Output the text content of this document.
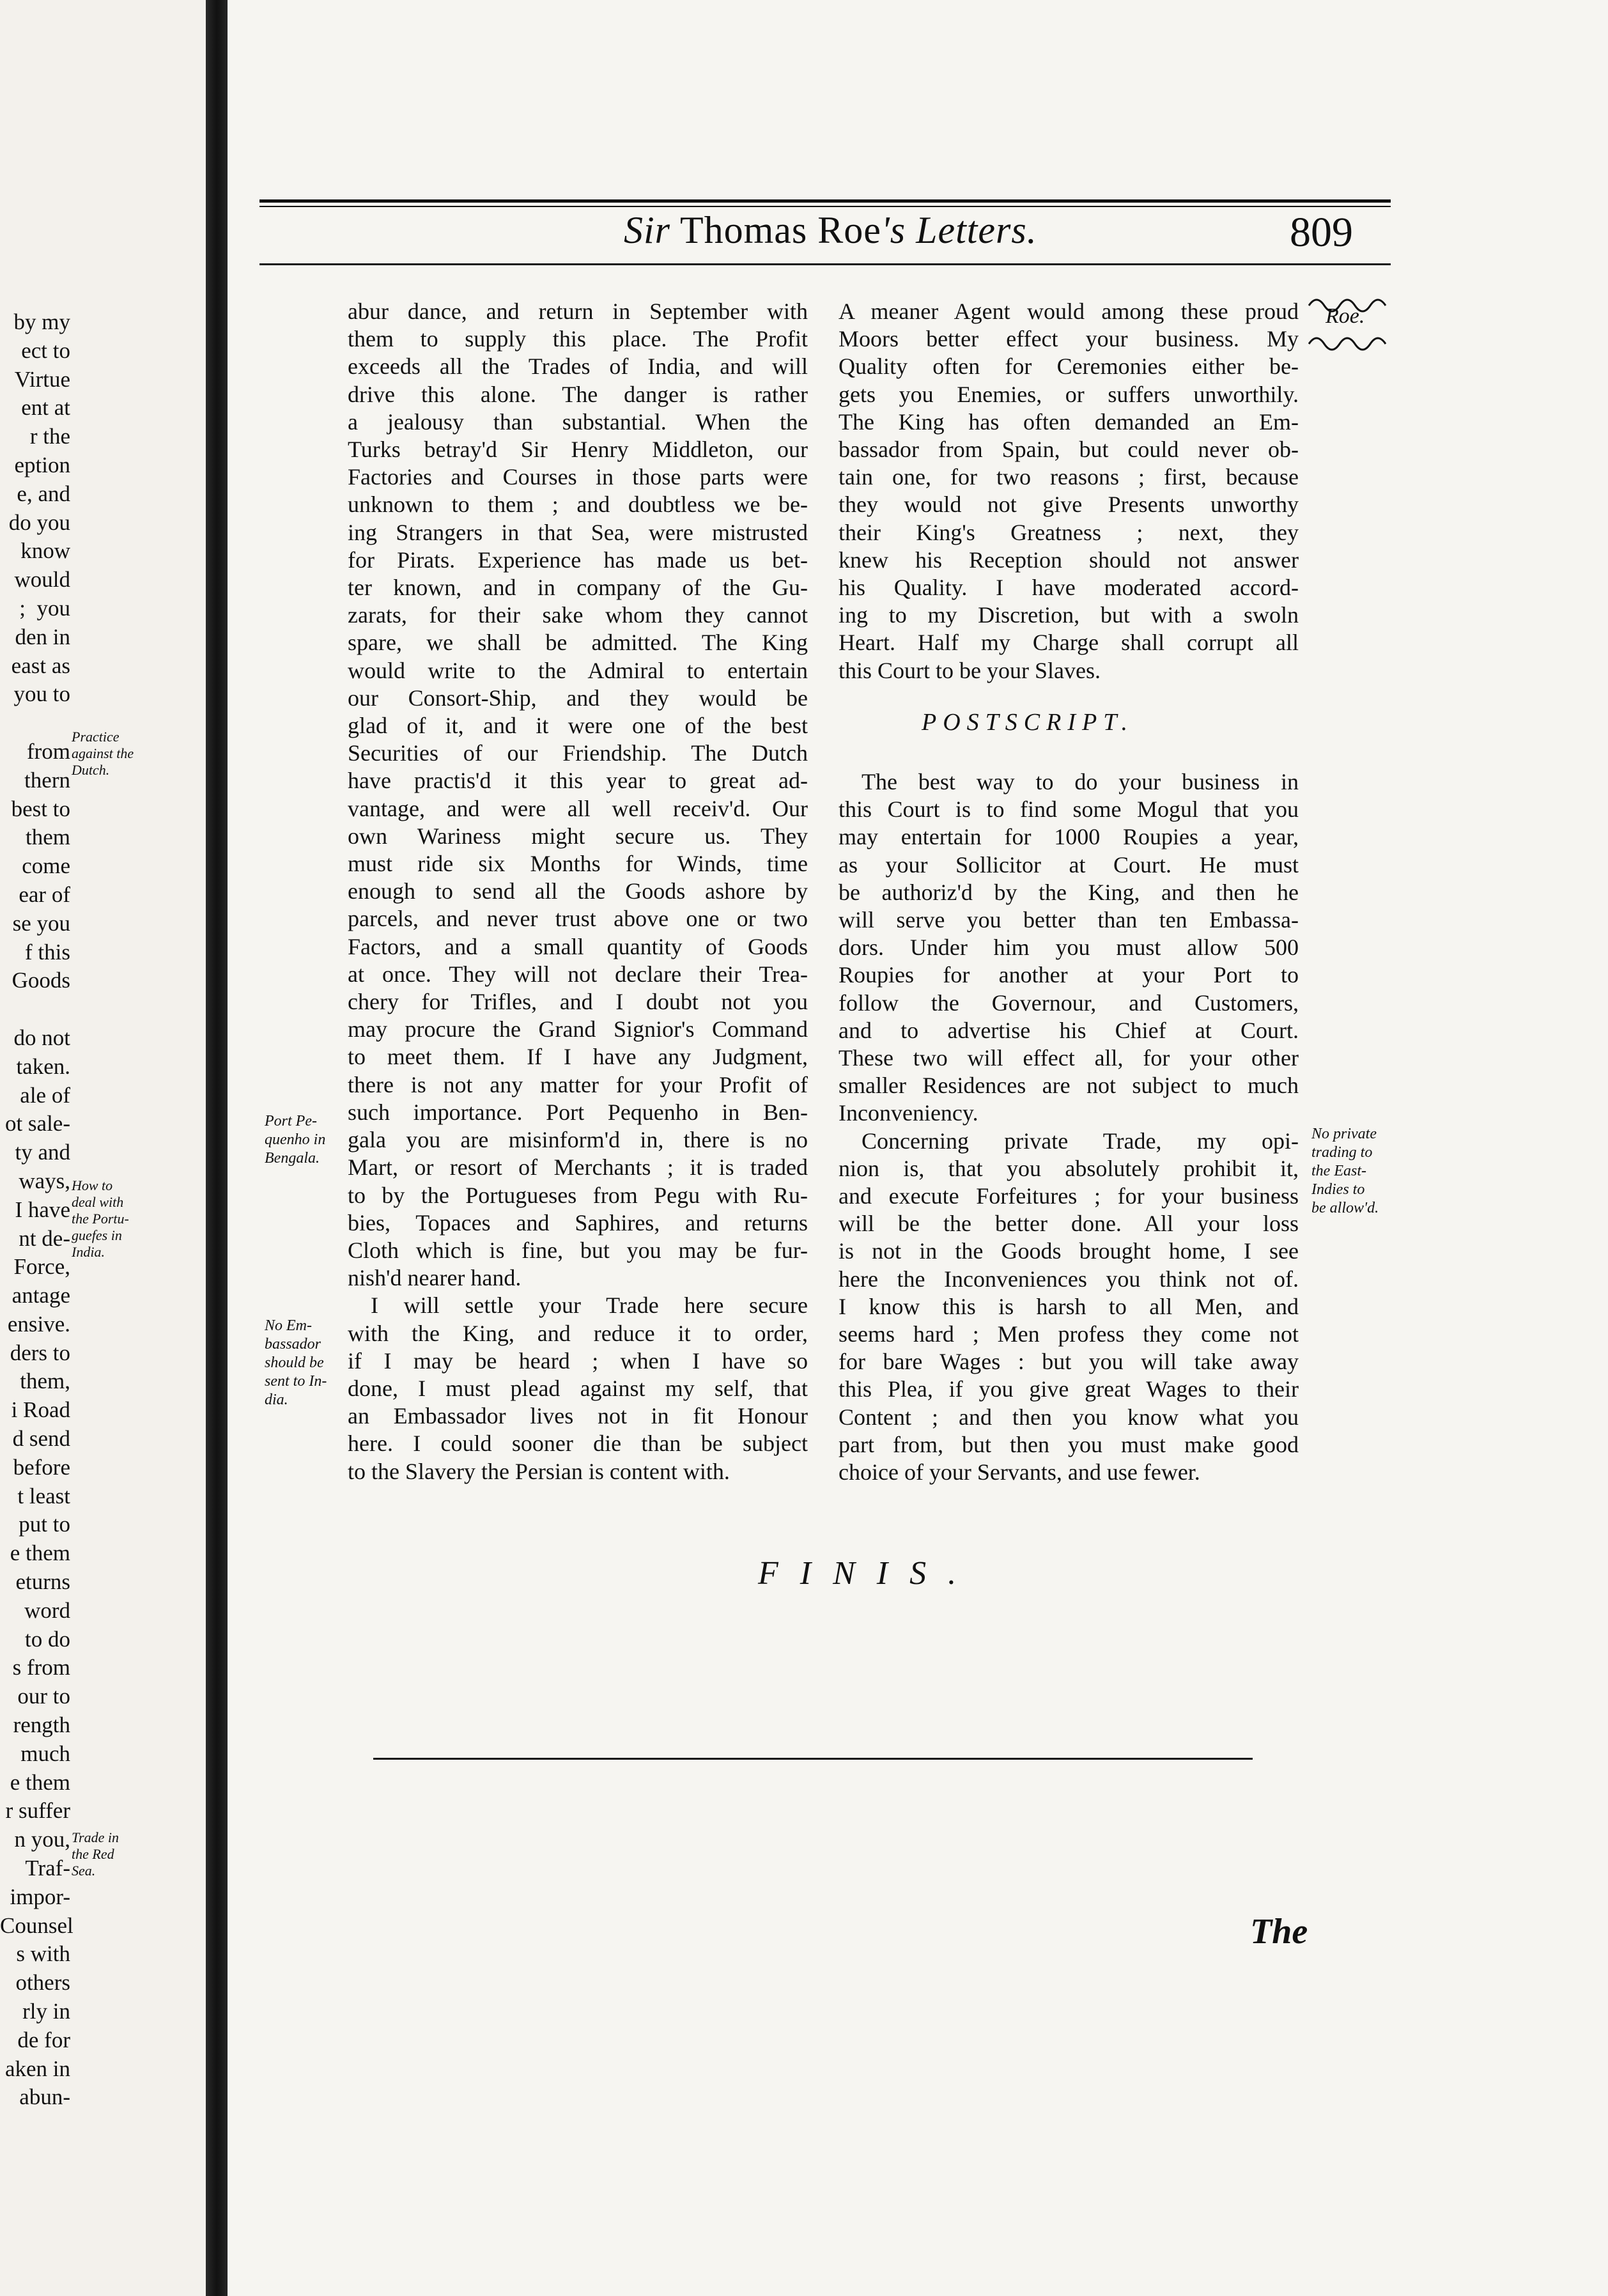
by my
ect to
Virtue
ent at
r the
eption
e, and
do you
know
would
;  you
den in
east as
you to

from
thern
best to
them
come
ear of
se you
f this
Goods

do not
taken.
ale of
ot sale-
ty and
ways,
I have
nt de-
Force,
antage
ensive.
ders to
them,
i Road
d send
before
t least
put to
e them
eturns
word
to do
s from
our to
rength
much
e them
r suffer
n you,
Traf-
impor-
Counsel
s with
others
rly in
de for
aken in
abun-
Practice
against the
Dutch.
How to
deal with
the Portu-
guefes in
India.
Trade in
the Red
Sea.
Sir Thomas Roe's Letters.	809
Roe.
abur dance, and return in September with
them to supply this place. The Profit
exceeds all the Trades of India, and will
drive this alone. The danger is rather
a jealousy than substantial. When the
Turks betray'd Sir Henry Middleton, our
Factories and Courses in those parts were
unknown to them ; and doubtless we be-
ing Strangers in that Sea, were mistrusted
for Pirats. Experience has made us bet-
ter known, and in company of the Gu-
zarats, for their sake whom they cannot
spare, we shall be admitted. The King
would write to the Admiral to entertain
our Consort-Ship, and they would be
glad of it, and it were one of the best
Securities of our Friendship. The Dutch
have practis'd it this year to great ad-
vantage, and were all well receiv'd. Our
own Wariness might secure us. They
must ride six Months for Winds, time
enough to send all the Goods ashore by
parcels, and never trust above one or two
Factors, and a small quantity of Goods
at once. They will not declare their Trea-
chery for Trifles, and I doubt not you
may procure the Grand Signior's Command
to meet them. If I have any Judgment,
there is not any matter for your Profit of
such importance. Port Pequenho in Ben-
gala you are misinform'd in, there is no
Mart, or resort of Merchants ; it is traded
to by the Portugueses from Pegu with Ru-
bies, Topaces and Saphires, and returns
Cloth which is fine, but you may be fur-
nish'd nearer hand.
I will settle your Trade here secure
with the King, and reduce it to order,
if I may be heard ; when I have so
done, I must plead against my self, that
an Embassador lives not in fit Honour
here. I could sooner die than be subject
to the Slavery the Persian is content with.
Port Pe-
quenho in
Bengala.
No Em-
bassador
should be
sent to In-
dia.
A meaner Agent would among these proud
Moors better effect your business. My
Quality often for Ceremonies either be-
gets you Enemies, or suffers unworthily.
The King has often demanded an Em-
bassador from Spain, but could never ob-
tain one, for two reasons ; first, because
they would not give Presents unworthy
their King's Greatness ; next, they
knew his Reception should not answer
his Quality. I have moderated accord-
ing to my Discretion, but with a swoln
Heart. Half my Charge shall corrupt all
this Court to be your Slaves.
POSTSCRIPT.
The best way to do your business in
this Court is to find some Mogul that you
may entertain for 1000 Roupies a year,
as your Sollicitor at Court. He must
be authoriz'd by the King, and then he
will serve you better than ten Embassa-
dors. Under him you must allow 500
Roupies for another at your Port to
follow the Governour, and Customers,
and to advertise his Chief at Court.
These two will effect all, for your other
smaller Residences are not subject to much
Inconveniency.
Concerning private Trade, my opi-
nion is, that you absolutely prohibit it,
and execute Forfeitures ; for your business
will be the better done. All your loss
is not in the Goods brought home, I see
here the Inconveniences you think not of.
I know this is harsh to all Men, and
seems hard ; Men profess they come not
for bare Wages : but you will take away
this Plea, if you give great Wages to their
Content ; and then you know what you
part from, but then you must make good
choice of your Servants, and use fewer.
No private
trading to
the East-
Indies to
be allow'd.
FINIS.
The
